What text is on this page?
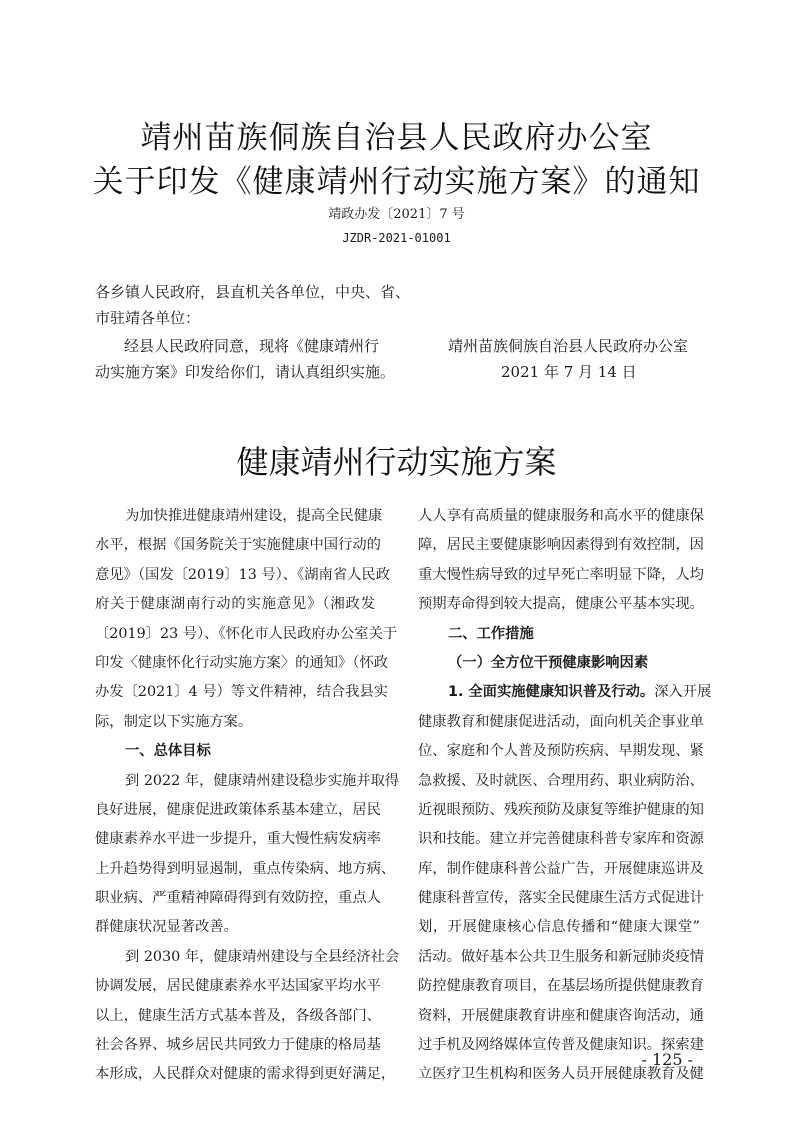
靖州苗族侗族自治县人民政府办公室
关于印发《健康靖州行动实施方案》的通知
靖政办发〔2021〕7 号
JZDR-2021-01001
各乡镇人民政府，县直机关各单位，中央、省、
市驻靖各单位：
经县人民政府同意，现将《健康靖州行
动实施方案》印发给你们，请认真组织实施。
靖州苗族侗族自治县人民政府办公室
2021 年 7 月 14 日
健康靖州行动实施方案
为加快推进健康靖州建设，提高全民健康
水平，根据《国务院关于实施健康中国行动的
意见》（国发〔2019〕13 号）、《湖南省人民政
府关于健康湖南行动的实施意见》（湘政发
〔2019〕23 号）、《怀化市人民政府办公室关于
印发〈健康怀化行动实施方案〉的通知》（怀政
办发〔2021〕4 号）等文件精神，结合我县实
际，制定以下实施方案。
一、总体目标
到 2022 年，健康靖州建设稳步实施并取得
良好进展，健康促进政策体系基本建立，居民
健康素养水平进一步提升，重大慢性病发病率
上升趋势得到明显遏制，重点传染病、地方病、
职业病、严重精神障碍得到有效防控，重点人
群健康状况显著改善。
到 2030 年，健康靖州建设与全县经济社会
协调发展，居民健康素养水平达国家平均水平
以上，健康生活方式基本普及，各级各部门、
社会各界、城乡居民共同致力于健康的格局基
本形成，人民群众对健康的需求得到更好满足，
人人享有高质量的健康服务和高水平的健康保
障，居民主要健康影响因素得到有效控制，因
重大慢性病导致的过早死亡率明显下降，人均
预期寿命得到较大提高，健康公平基本实现。
二、工作措施
（一）全方位干预健康影响因素
1. 全面实施健康知识普及行动。深入开展
健康教育和健康促进活动，面向机关企事业单
位、家庭和个人普及预防疾病、早期发现、紧
急救援、及时就医、合理用药、职业病防治、
近视眼预防、残疾预防及康复等维护健康的知
识和技能。建立并完善健康科普专家库和资源
库，制作健康科普公益广告，开展健康巡讲及
健康科普宣传，落实全民健康生活方式促进计
划，开展健康核心信息传播和“健康大课堂”
活动。做好基本公共卫生服务和新冠肺炎疫情
防控健康教育项目，在基层场所提供健康教育
资料，开展健康教育讲座和健康咨询活动，通
过手机及网络媒体宣传普及健康知识。探索建
立医疗卫生机构和医务人员开展健康教育及健
- 125 -
